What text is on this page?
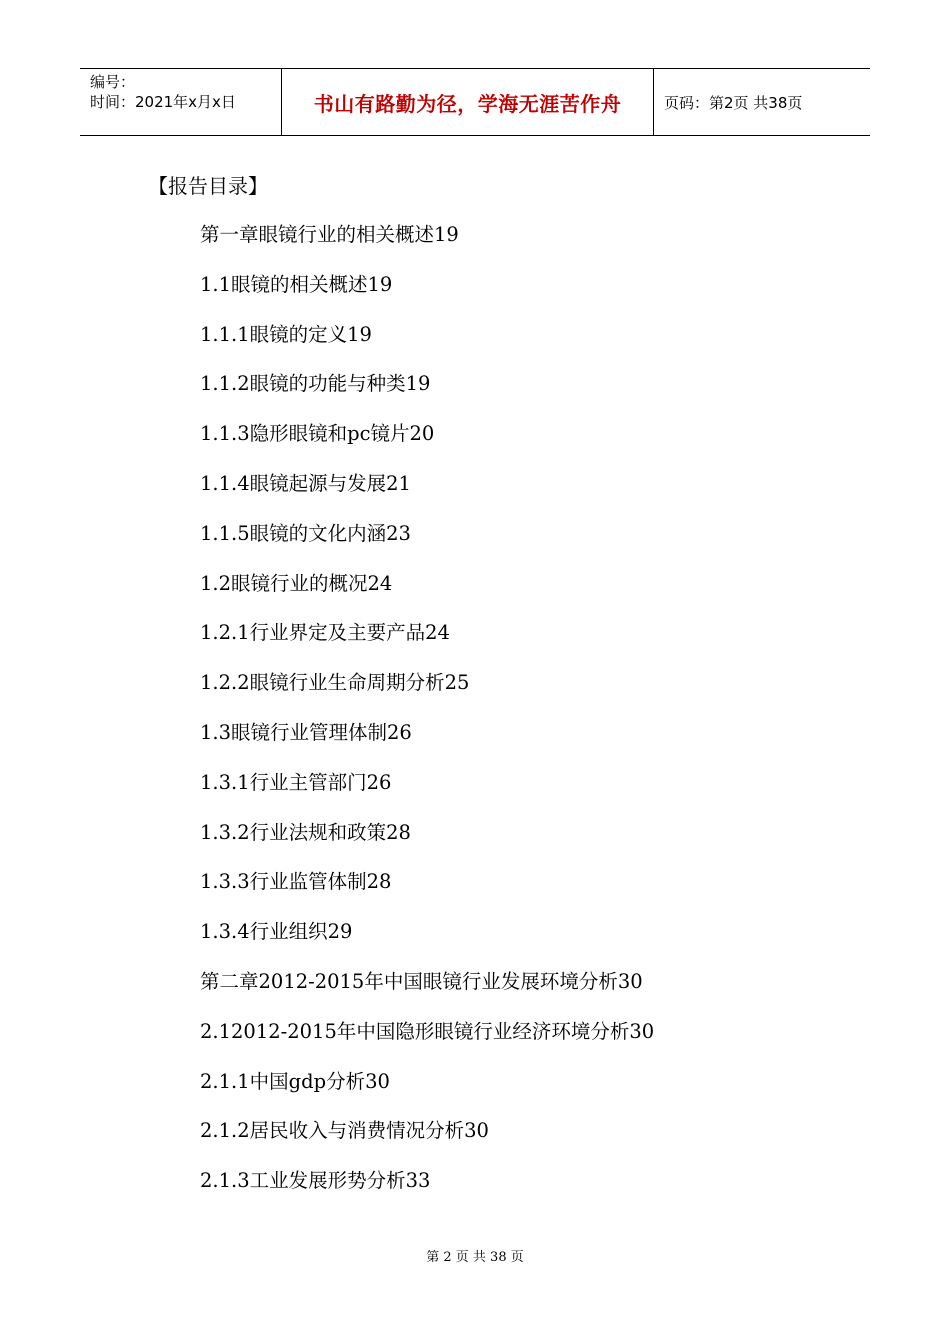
编号：
时间：2021年x月x日	书山有路勤为径，学海无涯苦作舟	页码：第2页 共38页
【报告目录】
第一章眼镜行业的相关概述19
1.1眼镜的相关概述19
1.1.1眼镜的定义19
1.1.2眼镜的功能与种类19
1.1.3隐形眼镜和pc镜片20
1.1.4眼镜起源与发展21
1.1.5眼镜的文化内涵23
1.2眼镜行业的概况24
1.2.1行业界定及主要产品24
1.2.2眼镜行业生命周期分析25
1.3眼镜行业管理体制26
1.3.1行业主管部门26
1.3.2行业法规和政策28
1.3.3行业监管体制28
1.3.4行业组织29
第二章2012-2015年中国眼镜行业发展环境分析30
2.12012-2015年中国隐形眼镜行业经济环境分析30
2.1.1中国gdp分析30
2.1.2居民收入与消费情况分析30
2.1.3工业发展形势分析33
第 2 页 共 38 页
